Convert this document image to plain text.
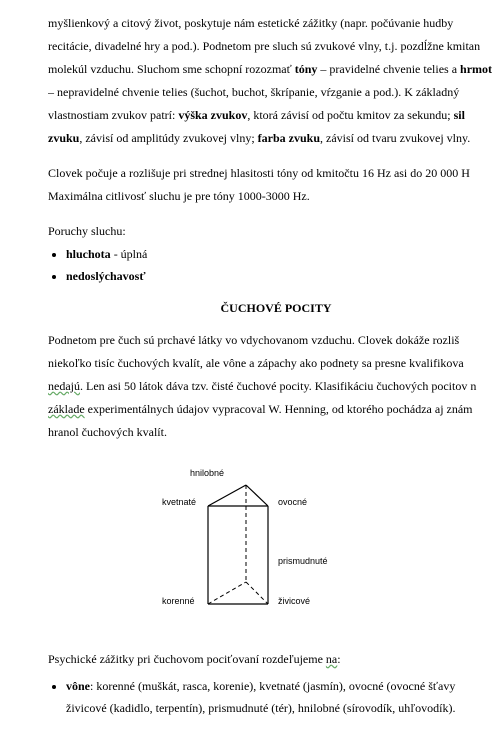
myšlienkový a citový život, poskytuje nám estetické zážitky (napr. počúvanie hudby
recitácie, divadelné hry a pod.). Podnetom pre sluch sú zvukové vlny, t.j. pozdĺžne kmitan
molekúl vzduchu. Sluchom sme schopní rozozmať tóny – pravidelné chvenie telies a hrmot
– nepravidelné chvenie telies (šuchot, buchot, škrípanie, vŕzganie a pod.). K základný
vlastnostiam zvukov patrí: výška zvukov, ktorá závisí od počtu kmitov za sekundu; sil
zvuku, závisí od amplitúdy zvukovej vlny; farba zvuku, závisí od tvaru zvukovej vlny.
Clovek počuje a rozlišuje pri strednej hlasitosti tóny od kmitočtu 16 Hz asi do 20 000 H
Maximálna citlivosť sluchu je pre tóny 1000-3000 Hz.
Poruchy sluchu:
• hluchota - úplná
• nedoslýchavosť
ČUCHOVÉ POCITY
Podnetom pre čuch sú prchavé látky vo vdychovanom vzduchu. Clovek dokáže rozliš
niekoľko tisíc čuchových kvalít, ale vône a zápachy ako podnety sa presne kvalifikova
nedajú. Len asi 50 látok dáva tzv. čisté čuchové pocity. Klasifikáciu čuchových pocitov n
základe experimentálnych údajov vypracoval W. Henning, od ktorého pochádza aj znám
hranol čuchových kvalít.
hnilobné
kvetnaté	ovocné
prismudnuté
korenné	živicové
Psychické zážitky pri čuchovom pociťovaní rozdeľujeme na:
• vône: korenné (muškát, rasca, korenie), kvetnaté (jasmín), ovocné (ovocné šťavy
živicové (kadidlo, terpentín), prismudnuté (tér), hnilobné (sírovodík, uhľovodík).
